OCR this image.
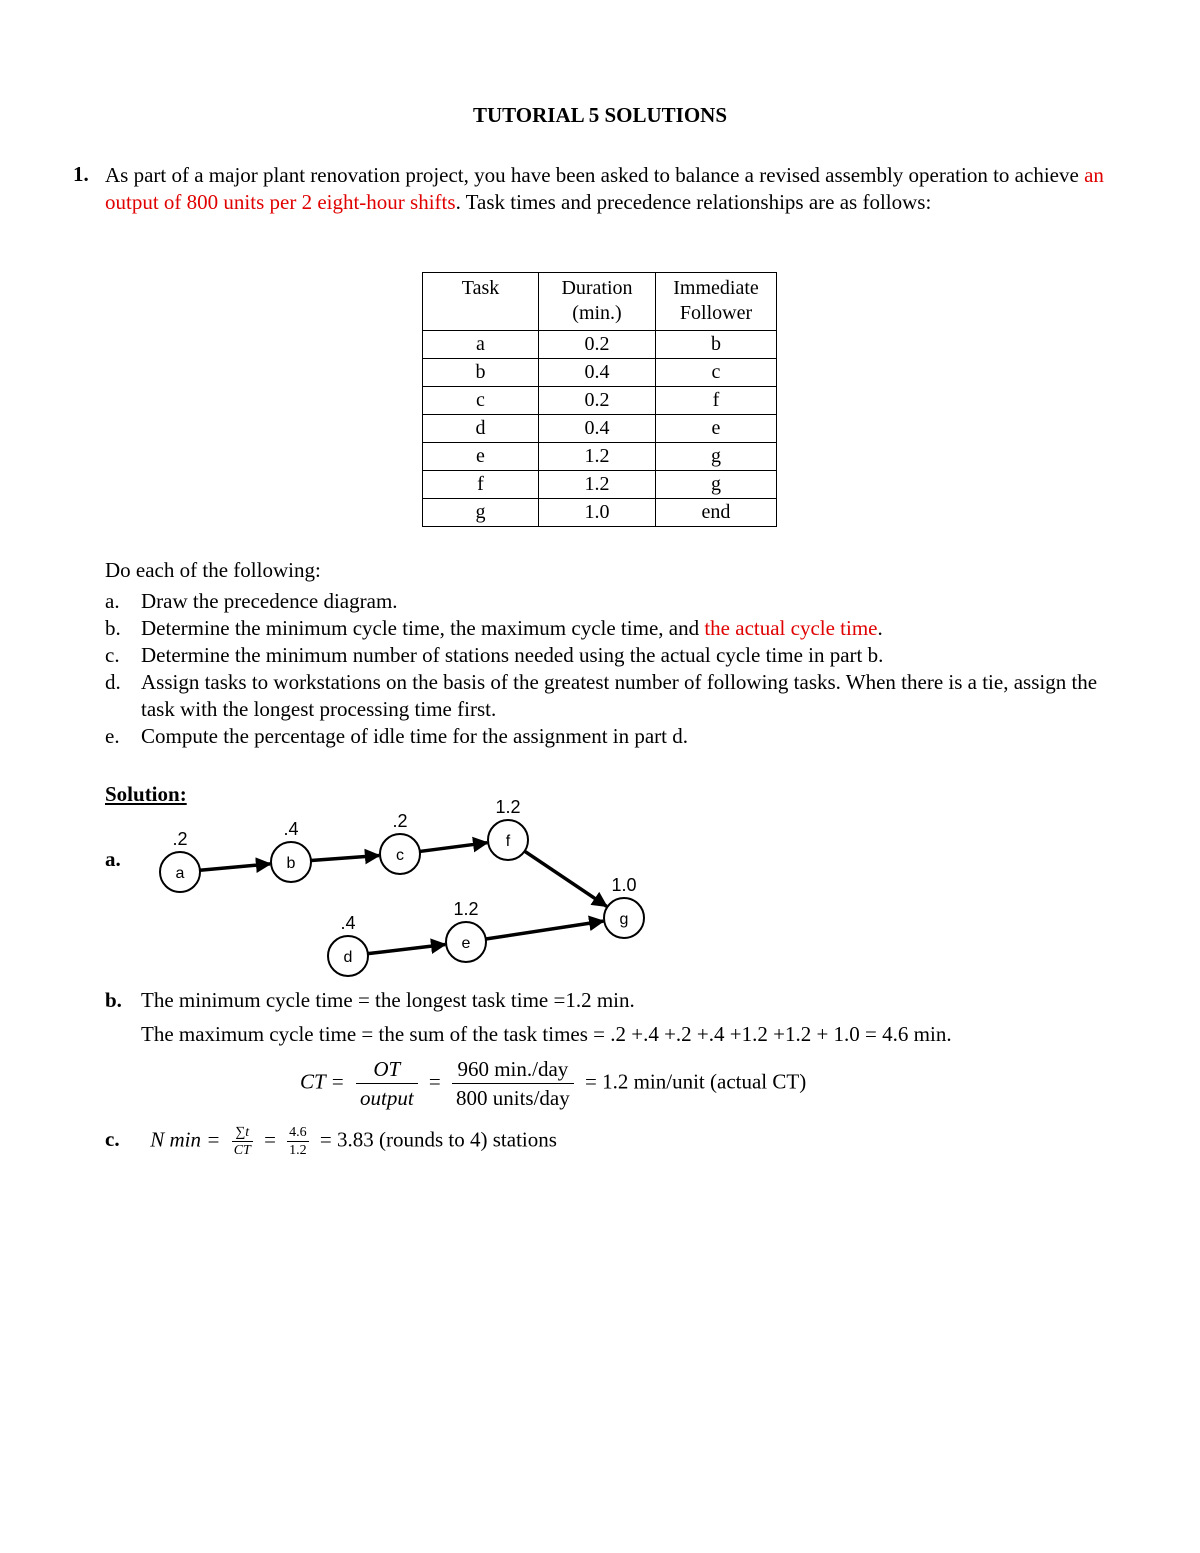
TUTORIAL 5 SOLUTIONS
1. As part of a major plant renovation project, you have been asked to balance a revised assembly operation to achieve an output of 800 units per 2 eight-hour shifts. Task times and precedence relationships are as follows:
Task	Duration (min.)	Immediate Follower
a	0.2	b
b	0.4	c
c	0.2	f
d	0.4	e
e	1.2	g
f	1.2	g
g	1.0	end
Do each of the following:
a. Draw the precedence diagram.
b. Determine the minimum cycle time, the maximum cycle time, and the actual cycle time.
c. Determine the minimum number of stations needed using the actual cycle time in part b.
d. Assign tasks to workstations on the basis of the greatest number of following tasks. When there is a tie, assign the task with the longest processing time first.
e. Compute the percentage of idle time for the assignment in part d.
Solution:
a.
a
.2
b
.4
c
.2
f
1.2
g
1.0
d
.4
e
1.2
b. The minimum cycle time = the longest task time =1.2 min.
The maximum cycle time = the sum of the task times = .2 +.4 +.2 +.4 +1.2 +1.2 + 1.0 = 4.6 min.
CT = $\frac{OT}{\text{output}} = \frac{\text{960 min./day}}{\text{800 units/day}} = 1.2$ min/unit (actual CT)
c. N $\min = \frac{\sum t}{CT} = \frac{4.6}{1.2} = 3.83$ (rounds to 4) stations
